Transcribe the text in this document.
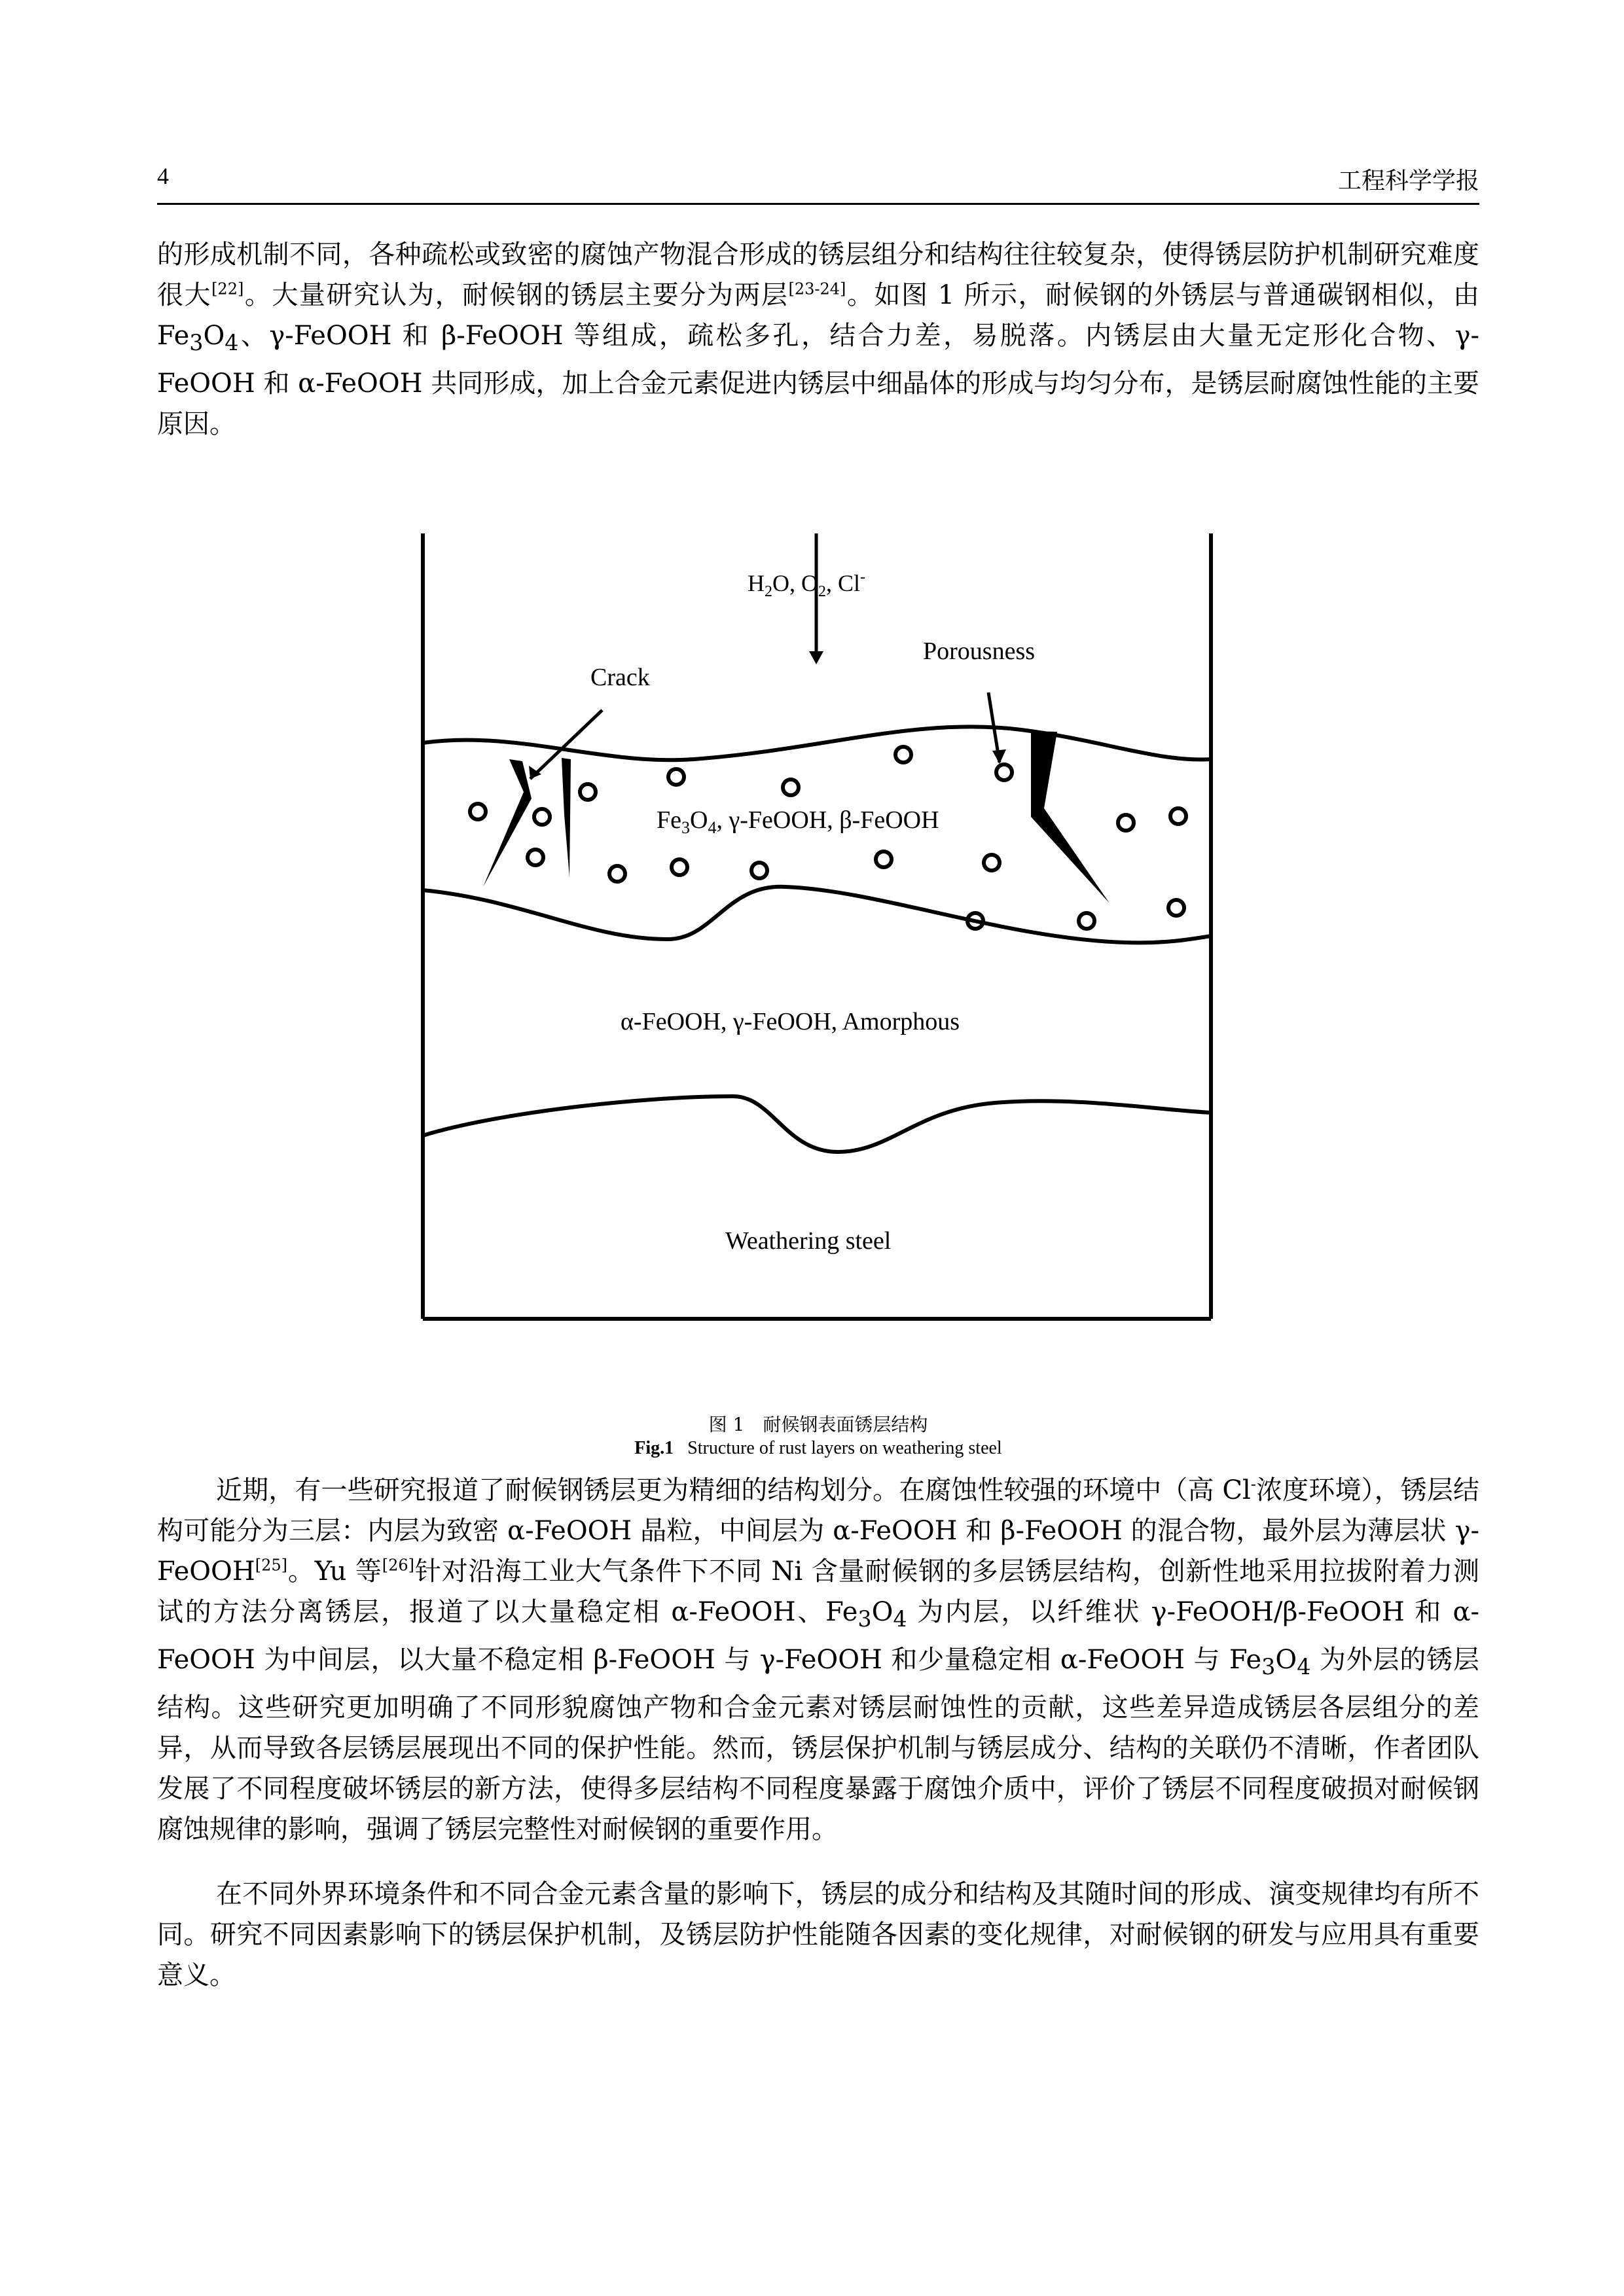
4	工程科学学报
的形成机制不同，各种疏松或致密的腐蚀产物混合形成的锈层组分和结构往往较复杂，使得锈层防护机制研究难度很大[22]。大量研究认为，耐候钢的锈层主要分为两层[23-24]。如图 1 所示，耐候钢的外锈层与普通碳钢相似，由 $Fe_3O_4$、γ-FeOOH 和 β-FeOOH 等组成，疏松多孔，结合力差，易脱落。内锈层由大量无定形化合物、γ-FeOOH 和 α-FeOOH 共同形成，加上合金元素促进内锈层中细晶体的形成与均匀分布，是锈层耐腐蚀性能的主要原因。
$H_2O$, $O_2$, Cl-
Crack
Porousness
$Fe_3O_4$, γ-FeOOH, β-FeOOH
α-FeOOH, γ-FeOOH, Amorphous
Weathering steel
图 1　耐候钢表面锈层结构
Fig.1 Structure of rust layers on weathering steel
近期，有一些研究报道了耐候钢锈层更为精细的结构划分。在腐蚀性较强的环境中（高 Cl-浓度环境），锈层结构可能分为三层：内层为致密 α-FeOOH 晶粒，中间层为 α-FeOOH 和 β-FeOOH 的混合物，最外层为薄层状 γ-FeOOH[25]。Yu 等[26]针对沿海工业大气条件下不同 Ni 含量耐候钢的多层锈层结构，创新性地采用拉拔附着力测试的方法分离锈层，报道了以大量稳定相 α-FeOOH、$Fe_3O_4$ 为内层，以纤维状 γ-FeOOH/β-FeOOH 和 α-FeOOH 为中间层，以大量不稳定相 β-FeOOH 与 γ-FeOOH 和少量稳定相 α-FeOOH 与 $Fe_3O_4$ 为外层的锈层结构。这些研究更加明确了不同形貌腐蚀产物和合金元素对锈层耐蚀性的贡献，这些差异造成锈层各层组分的差异，从而导致各层锈层展现出不同的保护性能。然而，锈层保护机制与锈层成分、结构的关联仍不清晰，作者团队发展了不同程度破坏锈层的新方法，使得多层结构不同程度暴露于腐蚀介质中，评价了锈层不同程度破损对耐候钢腐蚀规律的影响，强调了锈层完整性对耐候钢的重要作用。
在不同外界环境条件和不同合金元素含量的影响下，锈层的成分和结构及其随时间的形成、演变规律均有所不同。研究不同因素影响下的锈层保护机制，及锈层防护性能随各因素的变化规律，对耐候钢的研发与应用具有重要意义。
